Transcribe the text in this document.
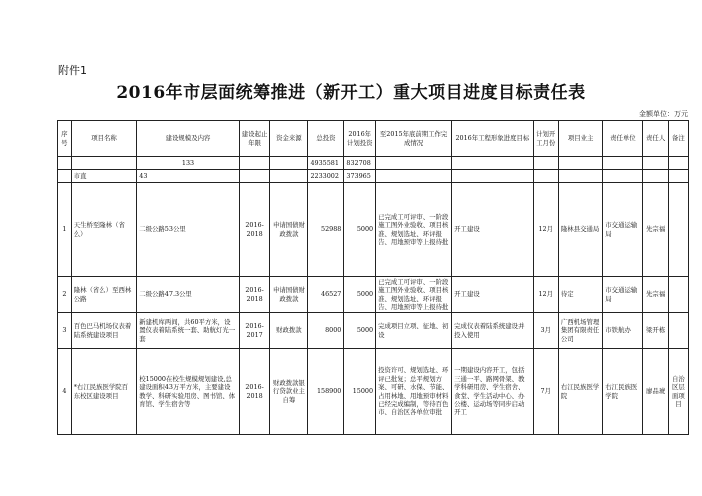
附件1
2016年市层面统筹推进（新开工）重大项目进度目标责任表
金额单位：万元
序号	项目名称	建设规模及内容	建设起止年限	资金来源	总投资	2016年计划投资	至2015年底前期工作完成情况	2016年工程形象进度目标	计划开工月份	项目业主	责任单位	责任人	备注
		133			4935581	832708							
	市直	43			2233002	373965							
1	天生桥至隆林（省么）	二级公路53公里	2016-2018	申请国债财政拨款	52988	5000	已完成工可评审、一阶段施工图外业验收、项目核准、规划选址、环评报告、用地预审等上报待批	开工建设	12月	隆林县交通局	市交通运输局	先宗福	
2	隆林（省么）至西林公路	二级公路47.3公里	2016-2018	申请国债财政拨款	46527	5000	已完成工可评审、一阶段施工图外业验收、项目核准、规划选址、环评报告、用地预审等上报待批	开工建设	12月	待定	市交通运输局	先宗福	
3	百色巴马机场仪表着陆系统建设项目	新建机库两间，共60平方米，设置仪表着陆系统一套、助航灯光一套	2016-2017	财政拨款	8000	5000	完成项目立项、征地、初设	完成仪表着陆系统建设并投入使用	3月	广西机场管理集团有限责任公司	市铁航办	梁开栋	
4	*右江民族医学院百东校区建设项目	校15000在校生规模规划建设,总建设面积43万平方米，主要建设教学、科研实验用房、图书馆、体育馆、学生宿舍等	2016-2018	财政拨款银行贷款业主自筹	158900	15000	投资许可、规划选址、环评已批复；总平规划方案、可研、水保、节能、占用林地、用地预审材料已经完成编制，等待百色市、自治区各单位审批	一期建设内容开工，包括三通一平、路网骨架、教学科研用房、学生宿舍、食堂、学生活动中心、办公楼、运动场等同步启动开工	7月	右江民族医学院	右江民族医学院	廖品琥	自治区层面项目
